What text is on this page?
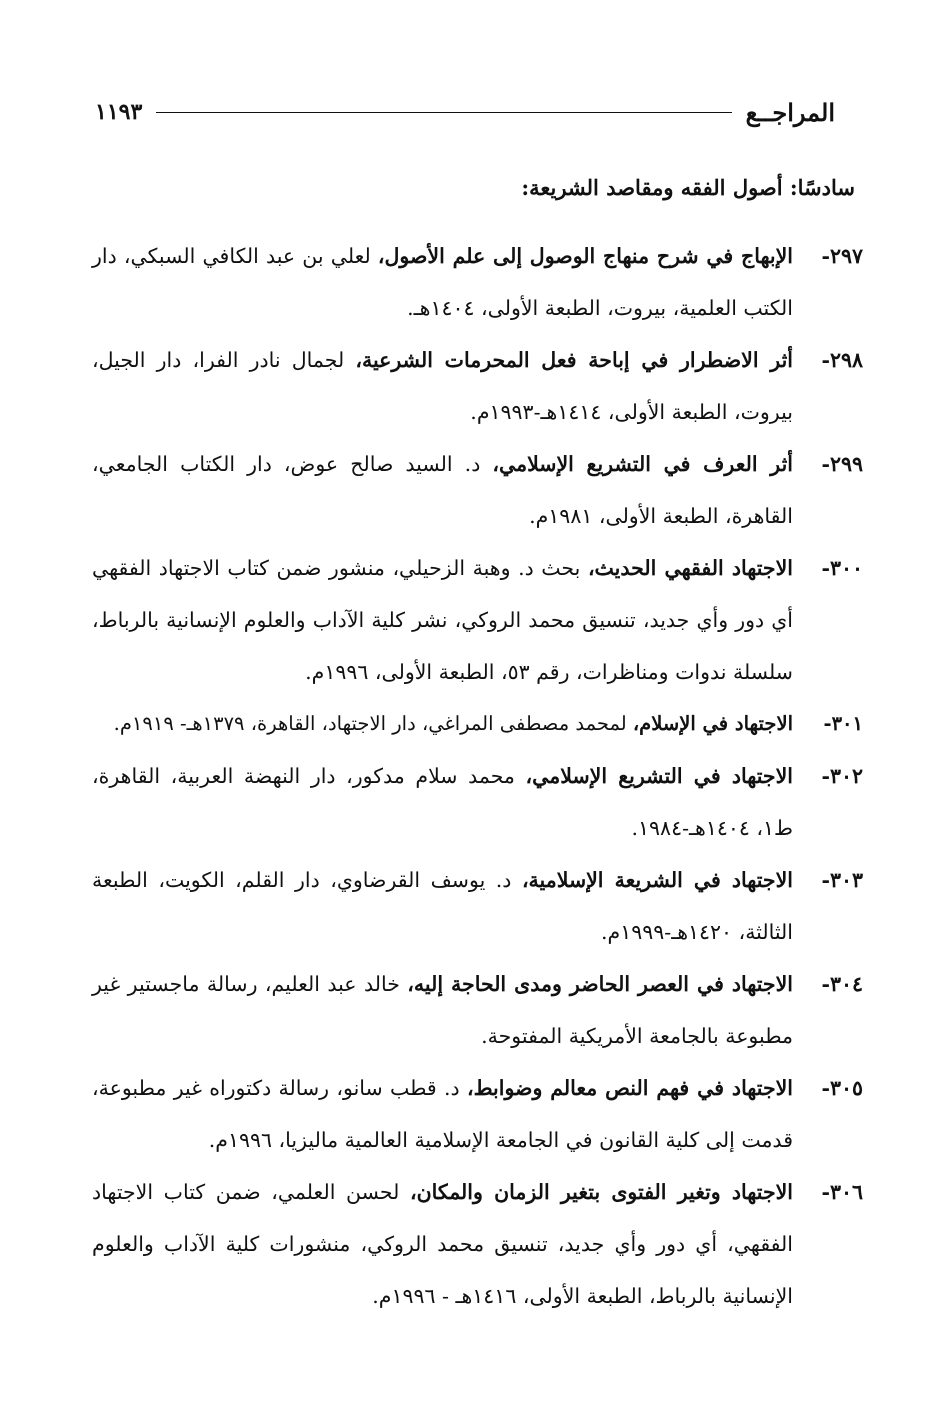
١١٩٣	المراجــع
سادسًا: أصول الفقه ومقاصد الشريعة:
٢٩٧-
الإبهاج في شرح منهاج الوصول إلى علم الأصول، لعلي بن عبد الكافي السبكي، دار الكتب العلمية، بيروت، الطبعة الأولى، ١٤٠٤هـ.
٢٩٨-
أثر الاضطرار في إباحة فعل المحرمات الشرعية، لجمال نادر الفرا، دار الجيل، بيروت، الطبعة الأولى، ١٤١٤هـ-١٩٩٣م.
٢٩٩-
أثر العرف في التشريع الإسلامي، د. السيد صالح عوض، دار الكتاب الجامعي، القاهرة، الطبعة الأولى، ١٩٨١م.
٣٠٠-
الاجتهاد الفقهي الحديث، بحث د. وهبة الزحيلي، منشور ضمن كتاب الاجتهاد الفقهي أي دور وأي جديد، تنسيق محمد الروكي، نشر كلية الآداب والعلوم الإنسانية بالرباط، سلسلة ندوات ومناظرات، رقم ٥٣، الطبعة الأولى، ١٩٩٦م.
٣٠١-
الاجتهاد في الإسلام، لمحمد مصطفى المراغي، دار الاجتهاد، القاهرة، ١٣٧٩هـ- ١٩١٩م.
٣٠٢-
الاجتهاد في التشريع الإسلامي، محمد سلام مدكور، دار النهضة العربية، القاهرة، ط١، ١٤٠٤هـ-١٩٨٤.
٣٠٣-
الاجتهاد في الشريعة الإسلامية، د. يوسف القرضاوي، دار القلم، الكويت، الطبعة الثالثة، ١٤٢٠هـ-١٩٩٩م.
٣٠٤-
الاجتهاد في العصر الحاضر ومدى الحاجة إليه، خالد عبد العليم، رسالة ماجستير غير مطبوعة بالجامعة الأمريكية المفتوحة.
٣٠٥-
الاجتهاد في فهم النص معالم وضوابط، د. قطب سانو، رسالة دكتوراه غير مطبوعة، قدمت إلى كلية القانون في الجامعة الإسلامية العالمية ماليزيا، ١٩٩٦م.
٣٠٦-
الاجتهاد وتغير الفتوى بتغير الزمان والمكان، لحسن العلمي، ضمن كتاب الاجتهاد الفقهي، أي دور وأي جديد، تنسيق محمد الروكي، منشورات كلية الآداب والعلوم الإنسانية بالرباط، الطبعة الأولى، ١٤١٦هـ - ١٩٩٦م.
